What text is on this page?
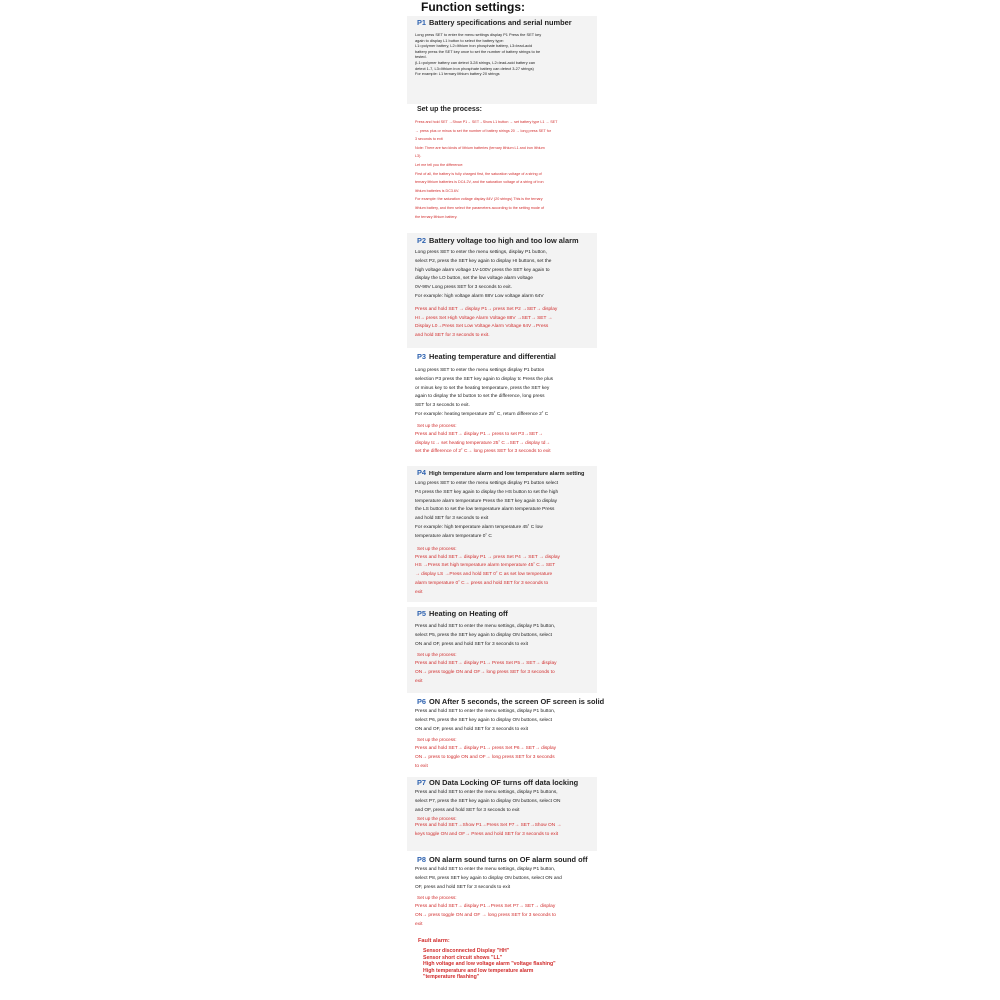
Function settings:
P1 Battery specifications and serial number
Long press SET to enter the menu settings display P1 Press the SET key
again to display L1 button to select the battery type:
L1=polymer battery, L2=lithium iron phosphate battery, L3=lead-acid
battery press the SET key once to set the number of battery strings to be
tested.
(L1=polymer battery can detect 3-28 strings, L2=lead-acid battery can
detect 1-7, L3=lithium iron phosphate battery can detect 3-27 strings)
For example: L1 ternary lithium battery 20 strings
Set up the process:
Press and hold SET →Show P1→ SET→Show L1 button → set battery type L1 → SET
→ press plus or minus to set the number of battery strings 20 → long press SET for
3 seconds to exit
Note: There are two kinds of lithium batteries (ternary lithium L1 and iron lithium
L3).
Let me tell you the difference:
First of all, the battery is fully charged first, the saturation voltage of a string of
ternary lithium batteries is DC4.2V, and the saturation voltage of a string of iron
lithium batteries is DC3.6V.
For example: the saturation voltage display 84V (20 strings) This is the ternary
lithium battery, and then select the parameters according to the setting mode of
the ternary lithium battery.
P2 Battery voltage too high and too low alarm
Long press SET to enter the menu settings, display P1 button,
select P2, press the SET key again to display HI buttons, set the
high voltage alarm voltage 1V-100V press the SET key again to
display the LO button, set the low voltage alarm voltage
0V-99V Long press SET for 3 seconds to exit.
For example: high voltage alarm 88V Low voltage alarm 64V
Press and hold SET → display P1→ press Set P2 →SET→ display
HI→ press Set High Voltage Alarm Voltage 88V →SET→ SET →
Display L0→Press Set Low Voltage Alarm Voltage 64V→Press
and hold SET for 3 seconds to exit.
P3 Heating temperature and differential
Long press SET to enter the menu settings display P1 button
selection P3 press the SET key again to display tc Press the plus
or minus key to set the heating temperature, press the SET key
again to display the td button to set the difference, long press
SET for 3 seconds to exit.
For example: heating temperature 25˚ C, return difference 2˚ C
Set up the process:
Press and hold SET→ display P1→ press to set P3→SET→
display tc→ set heating temperature 25˚ C→SET→ display td→
set the difference of 2˚ C→ long press SET for 3 seconds to exit
P4 High temperature alarm and low temperature alarm setting
Long press SET to enter the menu settings display P1 button select
P4 press the SET key again to display the HS button to set the high
temperature alarm temperature Press the SET key again to display
the LS button to set the low temperature alarm temperature Press
and hold SET for 3 seconds to exit
For example: high temperature alarm temperature 45˚ C low
temperature alarm temperature 0˚ C
Set up the process:
Press and hold SET→ display P1 → press Set P4 → SET → display
HS →Press Set high temperature alarm temperature 45˚ C→ SET
→ display LS →Press and hold SET 0˚ C as set low temperature
alarm temperature 0˚ C→ press and hold SET for 3 seconds to
exit
P5 Heating on Heating off
Press and hold SET to enter the menu settings, display P1 button,
select P5, press the SET key again to display ON buttons, select
ON and OF, press and hold SET for 3 seconds to exit
Set up the process:
Press and hold SET→ display P1→ Press Set P5→ SET→ display
ON→ press toggle ON and OF→ long press SET for 3 seconds to
exit
P6 ON After 5 seconds, the screen OF screen is solid
Press and hold SET to enter the menu settings, display P1 button,
select P6, press the SET key again to display ON buttons, select
ON and OF, press and hold SET for 3 seconds to exit
Set up the process:
Press and hold SET→ display P1→ press Set P6→ SET→ display
ON→ press to toggle ON and OF→ long press SET for 3 seconds
to exit
P7 ON Data Locking OF turns off data locking
Press and hold SET to enter the menu settings, display P1 buttons,
select P7, press the SET key again to display ON buttons, select ON
and OF, press and hold SET for 3 seconds to exit
Set up the process:
Press and hold SET→Show P1→Press Set P7→ SET→Show ON →
keys toggle ON and OF→ Press and hold SET for 3 seconds to exit
P8 ON alarm sound turns on OF alarm sound off
Press and hold SET to enter the menu settings, display P1 button,
select P8, press SET key again to display ON buttons, select ON and
OF, press and hold SET for 3 seconds to exit
Set up the process:
Press and hold SET→ display P1→Press Set P7→ SET→ display
ON→ press toggle ON and OF → long press SET for 3 seconds to
exit
Fault alarm:
Sensor disconnected Display "HH"
Sensor short circuit shows "LL"
High voltage and low voltage alarm "voltage flashing"
High temperature and low temperature alarm
"temperature flashing"
